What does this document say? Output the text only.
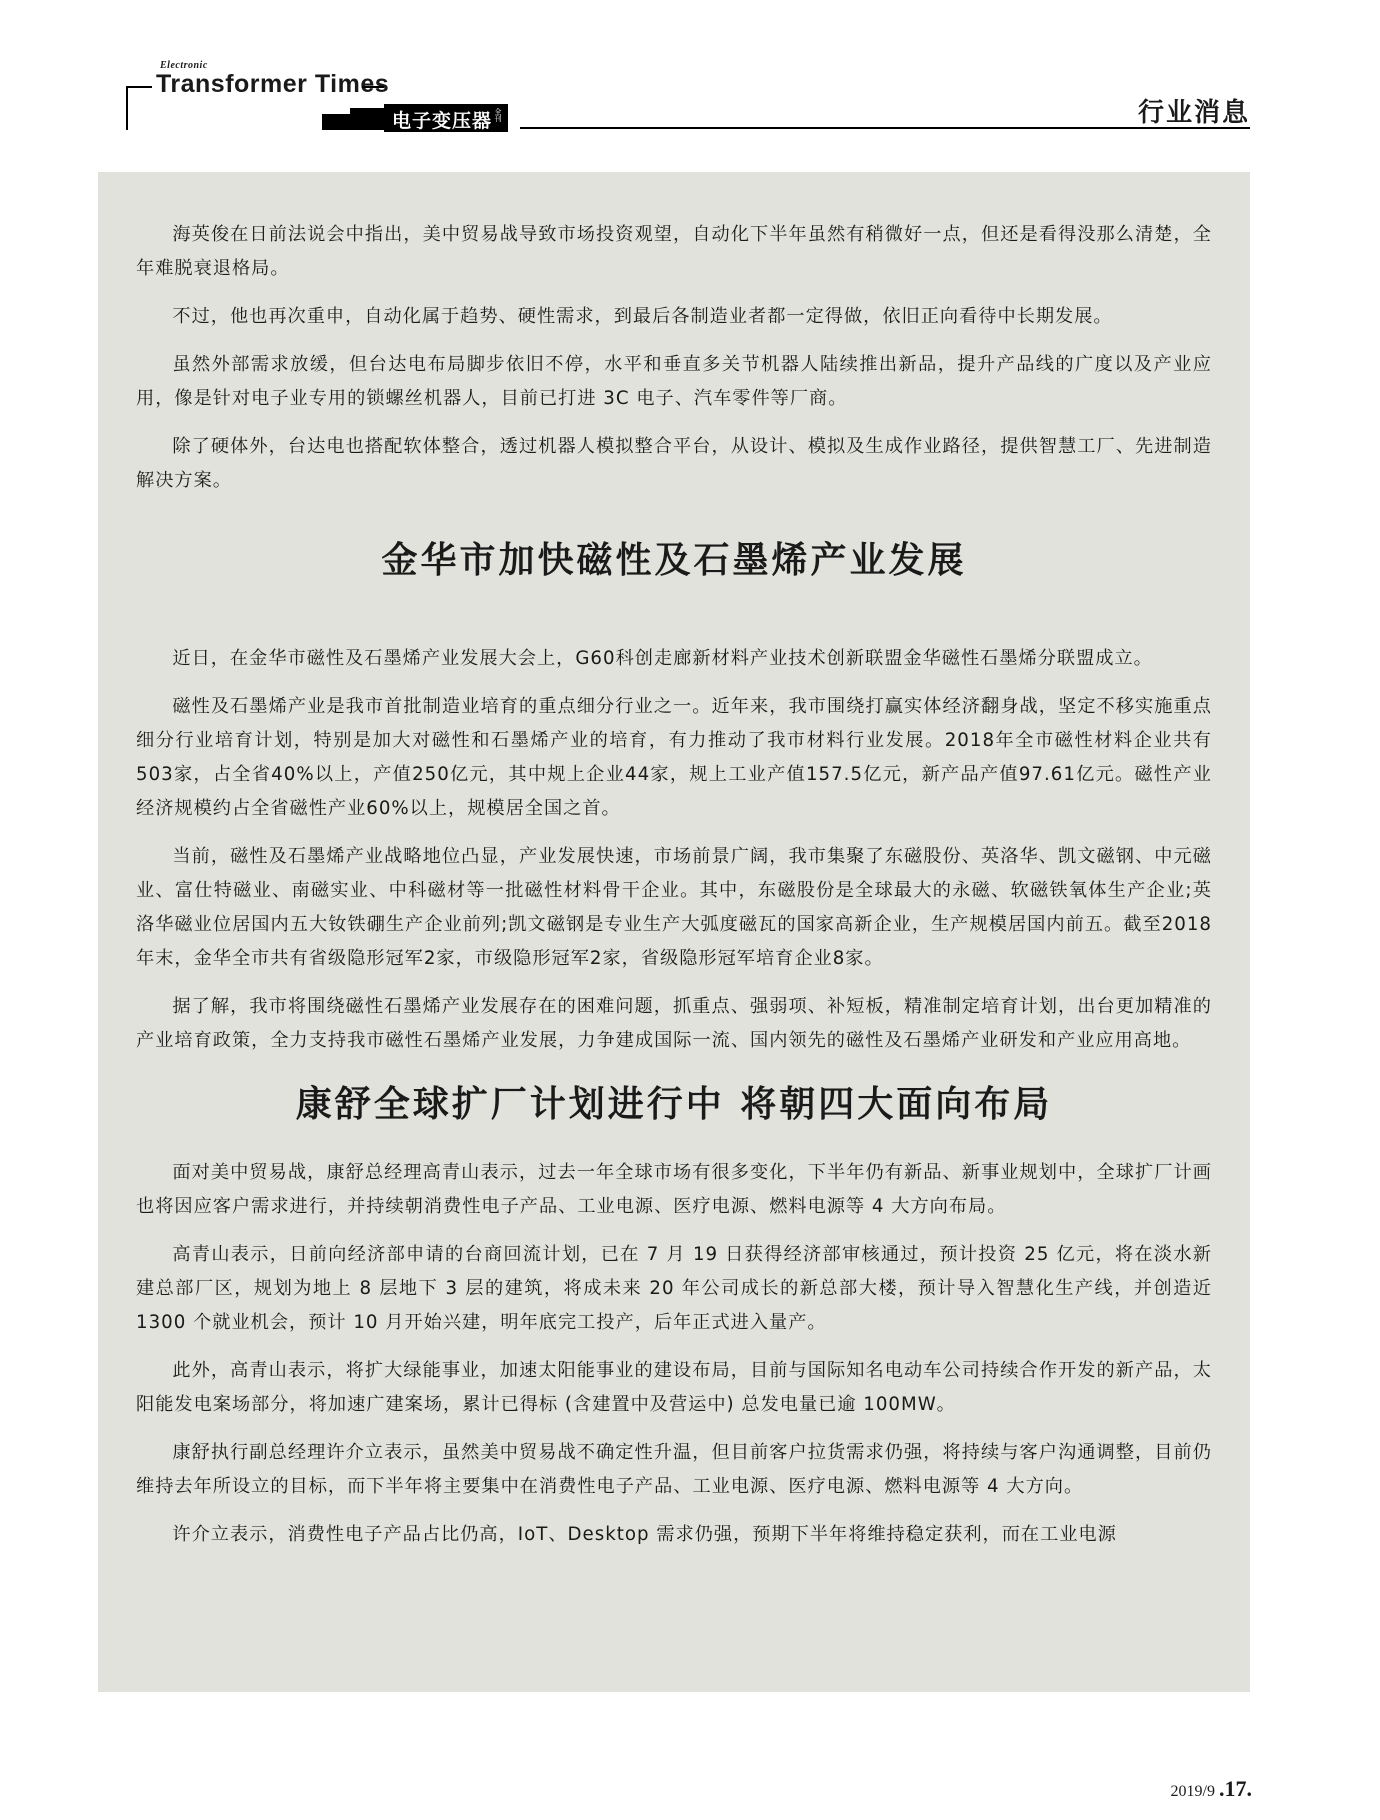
Electronic
Transformer Times
电子变压器 全刊	行业消息

海英俊在日前法说会中指出，美中贸易战导致市场投资观望，自动化下半年虽然有稍微好一点，但还是看得没那么清楚，全年难脱衰退格局。

不过，他也再次重申，自动化属于趋势、硬性需求，到最后各制造业者都一定得做，依旧正向看待中长期发展。

虽然外部需求放缓，但台达电布局脚步依旧不停，水平和垂直多关节机器人陆续推出新品，提升产品线的广度以及产业应用，像是针对电子业专用的锁螺丝机器人，目前已打进 3C 电子、汽车零件等厂商。

除了硬体外，台达电也搭配软体整合，透过机器人模拟整合平台，从设计、模拟及生成作业路径，提供智慧工厂、先进制造解决方案。

金华市加快磁性及石墨烯产业发展

近日，在金华市磁性及石墨烯产业发展大会上，G60科创走廊新材料产业技术创新联盟金华磁性石墨烯分联盟成立。

磁性及石墨烯产业是我市首批制造业培育的重点细分行业之一。近年来，我市围绕打赢实体经济翻身战，坚定不移实施重点细分行业培育计划，特别是加大对磁性和石墨烯产业的培育，有力推动了我市材料行业发展。2018年全市磁性材料企业共有503家，占全省40%以上，产值250亿元，其中规上企业44家，规上工业产值157.5亿元，新产品产值97.61亿元。磁性产业经济规模约占全省磁性产业60%以上，规模居全国之首。

当前，磁性及石墨烯产业战略地位凸显，产业发展快速，市场前景广阔，我市集聚了东磁股份、英洛华、凯文磁钢、中元磁业、富仕特磁业、南磁实业、中科磁材等一批磁性材料骨干企业。其中，东磁股份是全球最大的永磁、软磁铁氧体生产企业;英洛华磁业位居国内五大钕铁硼生产企业前列;凯文磁钢是专业生产大弧度磁瓦的国家高新企业，生产规模居国内前五。截至2018年末，金华全市共有省级隐形冠军2家，市级隐形冠军2家，省级隐形冠军培育企业8家。

据了解，我市将围绕磁性石墨烯产业发展存在的困难问题，抓重点、强弱项、补短板，精准制定培育计划，出台更加精准的产业培育政策，全力支持我市磁性石墨烯产业发展，力争建成国际一流、国内领先的磁性及石墨烯产业研发和产业应用高地。

康舒全球扩厂计划进行中 将朝四大面向布局

面对美中贸易战，康舒总经理高青山表示，过去一年全球市场有很多变化，下半年仍有新品、新事业规划中，全球扩厂计画也将因应客户需求进行，并持续朝消费性电子产品、工业电源、医疗电源、燃料电源等 4 大方向布局。

高青山表示，日前向经济部申请的台商回流计划，已在 7 月 19 日获得经济部审核通过，预计投资 25 亿元，将在淡水新建总部厂区，规划为地上 8 层地下 3 层的建筑，将成未来 20 年公司成长的新总部大楼，预计导入智慧化生产线，并创造近 1300 个就业机会，预计 10 月开始兴建，明年底完工投产，后年正式进入量产。

此外，高青山表示，将扩大绿能事业，加速太阳能事业的建设布局，目前与国际知名电动车公司持续合作开发的新产品，太阳能发电案场部分，将加速广建案场，累计已得标 (含建置中及营运中) 总发电量已逾 100MW。

康舒执行副总经理许介立表示，虽然美中贸易战不确定性升温，但目前客户拉货需求仍强，将持续与客户沟通调整，目前仍维持去年所设立的目标，而下半年将主要集中在消费性电子产品、工业电源、医疗电源、燃料电源等 4 大方向。

许介立表示，消费性电子产品占比仍高，IoT、Desktop 需求仍强，预期下半年将维持稳定获利，而在工业电源

2019/9 .17.
